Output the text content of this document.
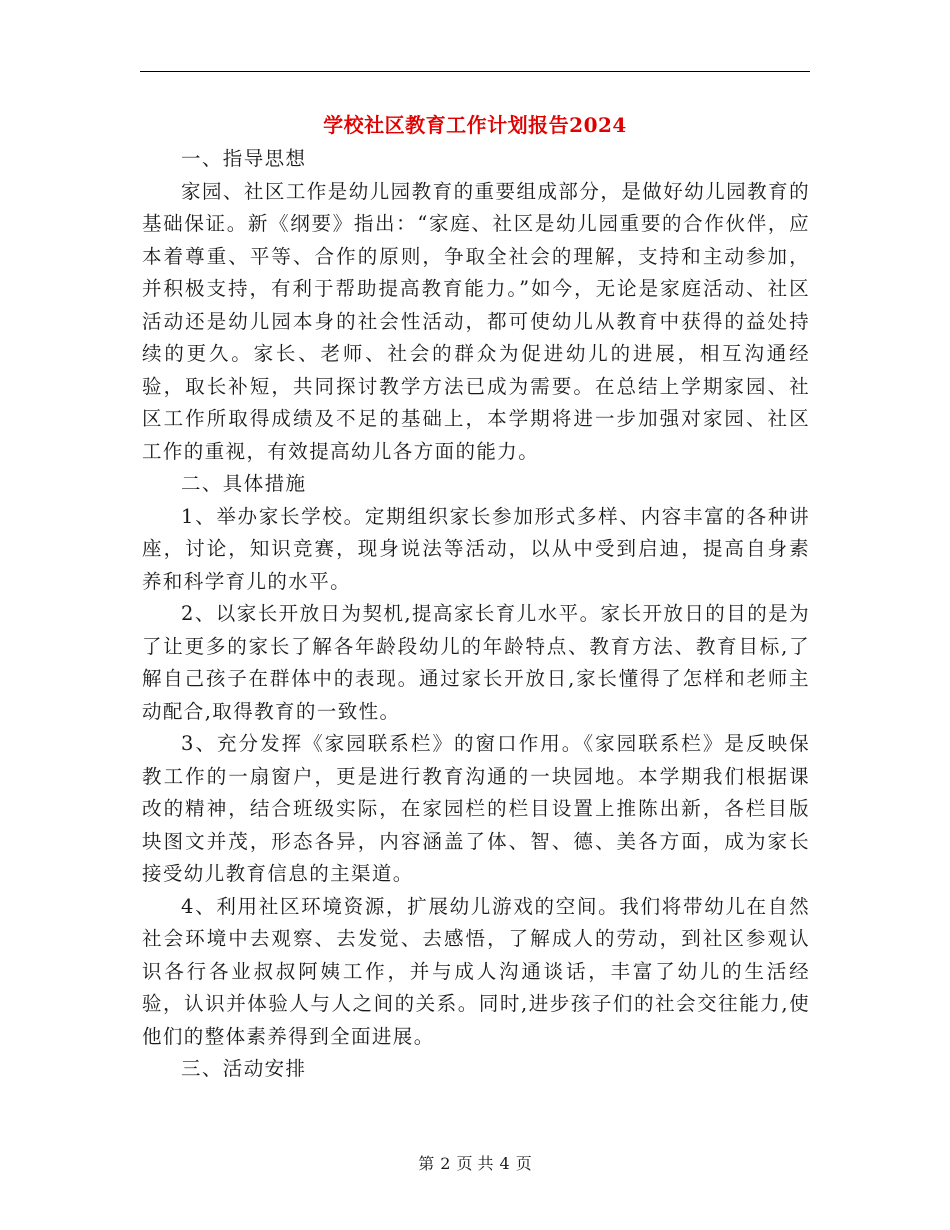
学校社区教育工作计划报告2024

一、指导思想

家园、社区工作是幼儿园教育的重要组成部分，是做好幼儿园教育的基础保证。新《纲要》指出：“家庭、社区是幼儿园重要的合作伙伴，应本着尊重、平等、合作的原则，争取全社会的理解，支持和主动参加，并积极支持，有利于帮助提高教育能力。”如今，无论是家庭活动、社区活动还是幼儿园本身的社会性活动，都可使幼儿从教育中获得的益处持续的更久。家长、老师、社会的群众为促进幼儿的进展，相互沟通经验，取长补短，共同探讨教学方法已成为需要。在总结上学期家园、社区工作所取得成绩及不足的基础上，本学期将进一步加强对家园、社区工作的重视，有效提高幼儿各方面的能力。

二、具体措施

1、举办家长学校。定期组织家长参加形式多样、内容丰富的各种讲座，讨论，知识竞赛，现身说法等活动，以从中受到启迪，提高自身素养和科学育儿的水平。

2、以家长开放日为契机,提高家长育儿水平。家长开放日的目的是为了让更多的家长了解各年龄段幼儿的年龄特点、教育方法、教育目标,了解自己孩子在群体中的表现。通过家长开放日,家长懂得了怎样和老师主动配合,取得教育的一致性。

3、充分发挥《家园联系栏》的窗口作用。《家园联系栏》是反映保教工作的一扇窗户，更是进行教育沟通的一块园地。本学期我们根据课改的精神，结合班级实际，在家园栏的栏目设置上推陈出新，各栏目版块图文并茂，形态各异，内容涵盖了体、智、德、美各方面，成为家长接受幼儿教育信息的主渠道。

4、利用社区环境资源，扩展幼儿游戏的空间。我们将带幼儿在自然社会环境中去观察、去发觉、去感悟，了解成人的劳动，到社区参观认识各行各业叔叔阿姨工作，并与成人沟通谈话，丰富了幼儿的生活经验，认识并体验人与人之间的关系。同时,进步孩子们的社会交往能力,使他们的整体素养得到全面进展。

三、活动安排

第 2 页 共 4 页
